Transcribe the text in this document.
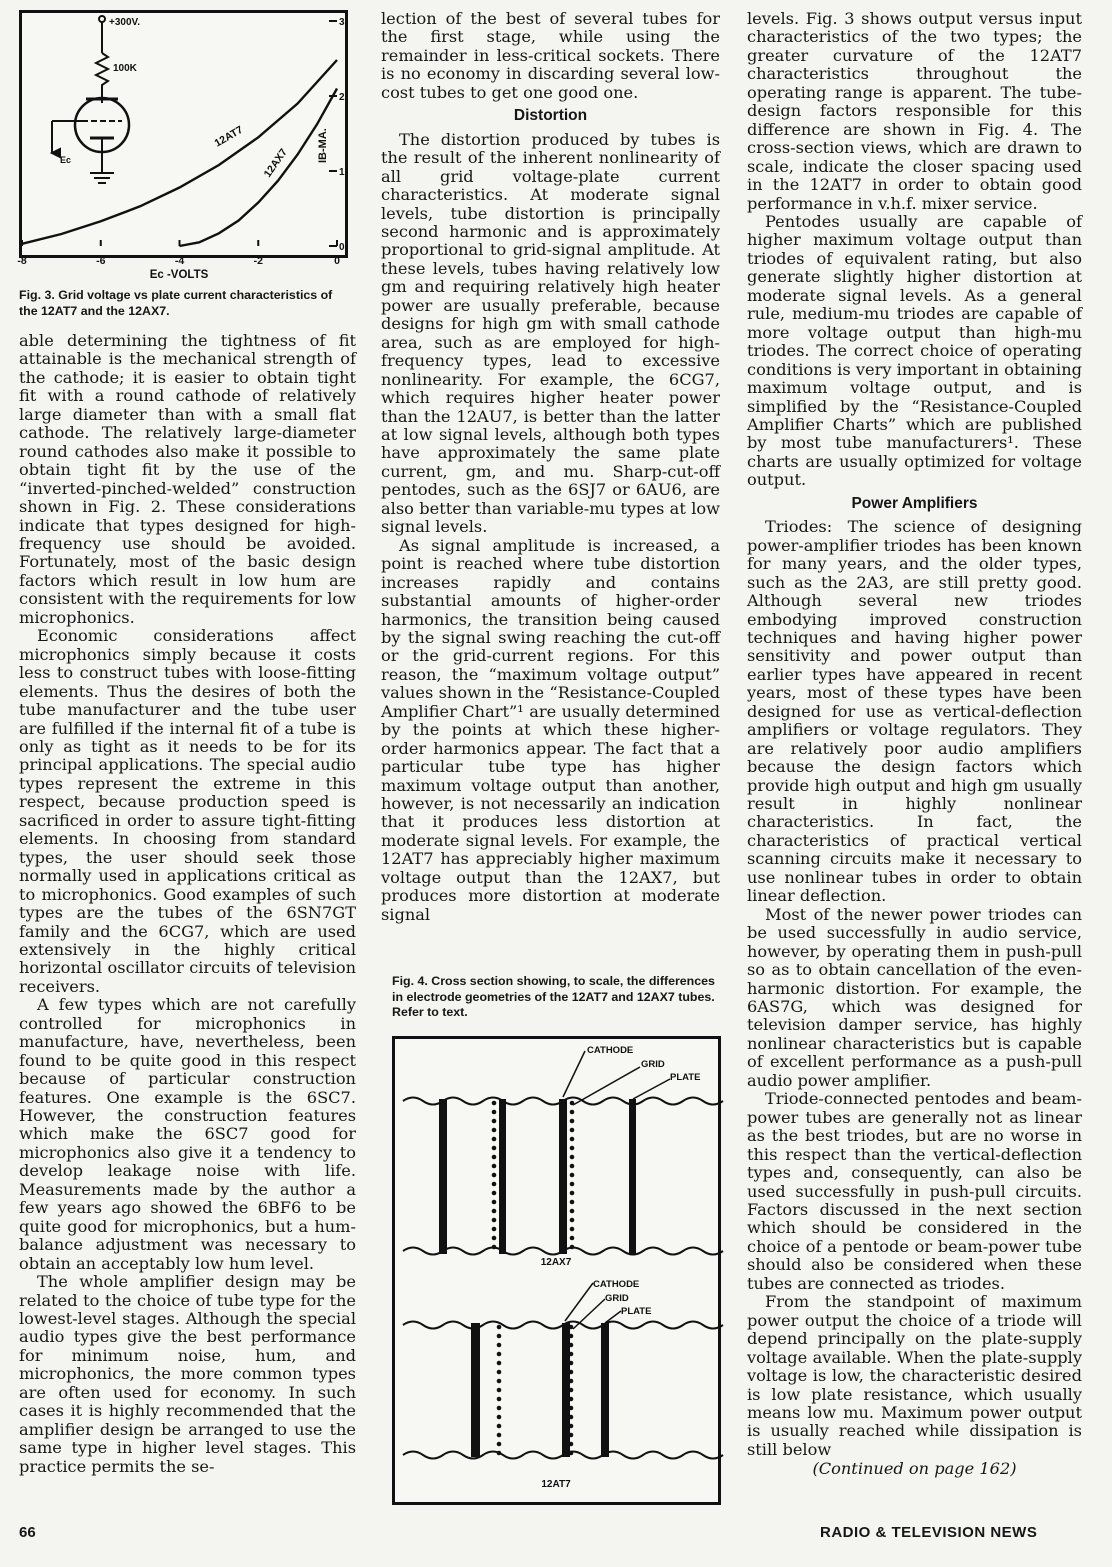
0
1
2
3
12AT7
12AX7
+300V.
100K
Ec	IB-MA.
Fig. 3. Grid voltage vs plate current characteristics of the 12AT7 and the 12AX7.

able determining the tightness of fit attainable is the mechanical strength of the cathode; it is easier to obtain tight fit with a round cathode of relatively large diameter than with a small flat cathode. The relatively large-diameter round cathodes also make it possible to obtain tight fit by the use of the “inverted-pinched-welded” construction shown in Fig. 2. These considerations indicate that types designed for high-frequency use should be avoided. Fortunately, most of the basic design factors which result in low hum are consistent with the requirements for low microphonics.

Economic considerations affect microphonics simply because it costs less to construct tubes with loose-fitting elements. Thus the desires of both the tube manufacturer and the tube user are fulfilled if the internal fit of a tube is only as tight as it needs to be for its principal applications. The special audio types represent the extreme in this respect, because production speed is sacrificed in order to assure tight-fitting elements. In choosing from standard types, the user should seek those normally used in applications critical as to microphonics. Good examples of such types are the tubes of the 6SN7GT family and the 6CG7, which are used extensively in the highly critical horizontal oscillator circuits of television receivers.

A few types which are not carefully controlled for microphonics in manufacture, have, nevertheless, been found to be quite good in this respect because of particular construction features. One example is the 6SC7. However, the construction features which make the 6SC7 good for microphonics also give it a tendency to develop leakage noise with life. Measurements made by the author a few years ago showed the 6BF6 to be quite good for microphonics, but a hum-balance adjustment was necessary to obtain an acceptably low hum level.

The whole amplifier design may be related to the choice of tube type for the lowest-level stages. Although the special audio types give the best performance for minimum noise, hum, and microphonics, the more common types are often used for economy. In such cases it is highly recommended that the amplifier design be arranged to use the same type in higher level stages. This practice permits the se-

lection of the best of several tubes for the first stage, while using the remainder in less-critical sockets. There is no economy in discarding several low-cost tubes to get one good one.

Distortion

The distortion produced by tubes is the result of the inherent nonlinearity of all grid voltage-plate current characteristics. At moderate signal levels, tube distortion is principally second harmonic and is approximately proportional to grid-signal amplitude. At these levels, tubes having relatively low gm and requiring relatively high heater power are usually preferable, because designs for high gm with small cathode area, such as are employed for high-frequency types, lead to excessive nonlinearity. For example, the 6CG7, which requires higher heater power than the 12AU7, is better than the latter at low signal levels, although both types have approximately the same plate current, gm, and mu. Sharp-cut-off pentodes, such as the 6SJ7 or 6AU6, are also better than variable-mu types at low signal levels.

As signal amplitude is increased, a point is reached where tube distortion increases rapidly and contains substantial amounts of higher-order harmonics, the transition being caused by the signal swing reaching the cut-off or the grid-current regions. For this reason, the “maximum voltage output” values shown in the “Resistance-Coupled Amplifier Chart”¹ are usually determined by the points at which these higher-order harmonics appear. The fact that a particular tube type has higher maximum voltage output than another, however, is not necessarily an indication that it produces less distortion at moderate signal levels. For example, the 12AT7 has appreciably higher maximum voltage output than the 12AX7, but produces more distortion at moderate signal

Fig. 4. Cross section showing, to scale, the differences in electrode geometries of the 12AT7 and 12AX7 tubes. Refer to text.
CATHODE
GRID
PLATE
12AX7
CATHODE
GRID
PLATE
12AT7

levels. Fig. 3 shows output versus input characteristics of the two types; the greater curvature of the 12AT7 characteristics throughout the operating range is apparent. The tube-design factors responsible for this difference are shown in Fig. 4. The cross-section views, which are drawn to scale, indicate the closer spacing used in the 12AT7 in order to obtain good performance in v.h.f. mixer service.

Pentodes usually are capable of higher maximum voltage output than triodes of equivalent rating, but also generate slightly higher distortion at moderate signal levels. As a general rule, medium-mu triodes are capable of more voltage output than high-mu triodes. The correct choice of operating conditions is very important in obtaining maximum voltage output, and is simplified by the “Resistance-Coupled Amplifier Charts” which are published by most tube manufacturers¹. These charts are usually optimized for voltage output.

Power Amplifiers

Triodes: The science of designing power-amplifier triodes has been known for many years, and the older types, such as the 2A3, are still pretty good. Although several new triodes embodying improved construction techniques and having higher power sensitivity and power output than earlier types have appeared in recent years, most of these types have been designed for use as vertical-deflection amplifiers or voltage regulators. They are relatively poor audio amplifiers because the design factors which provide high output and high gm usually result in highly nonlinear characteristics. In fact, the characteristics of practical vertical scanning circuits make it necessary to use nonlinear tubes in order to obtain linear deflection.

Most of the newer power triodes can be used successfully in audio service, however, by operating them in push-pull so as to obtain cancellation of the even-harmonic distortion. For example, the 6AS7G, which was designed for television damper service, has highly nonlinear characteristics but is capable of excellent performance as a push-pull audio power amplifier.

Triode-connected pentodes and beam-power tubes are generally not as linear as the best triodes, but are no worse in this respect than the vertical-deflection types and, consequently, can also be used successfully in push-pull circuits. Factors discussed in the next section which should be considered in the choice of a pentode or beam-power tube should also be considered when these tubes are connected as triodes.

From the standpoint of maximum power output the choice of a triode will depend principally on the plate-supply voltage available. When the plate-supply voltage is low, the characteristic desired is low plate resistance, which usually means low mu. Maximum power output is usually reached while dissipation is still below

(Continued on page 162)
66	RADIO & TELEVISION NEWS
-8	-6	-4	-2	0
Ec -VOLTS
